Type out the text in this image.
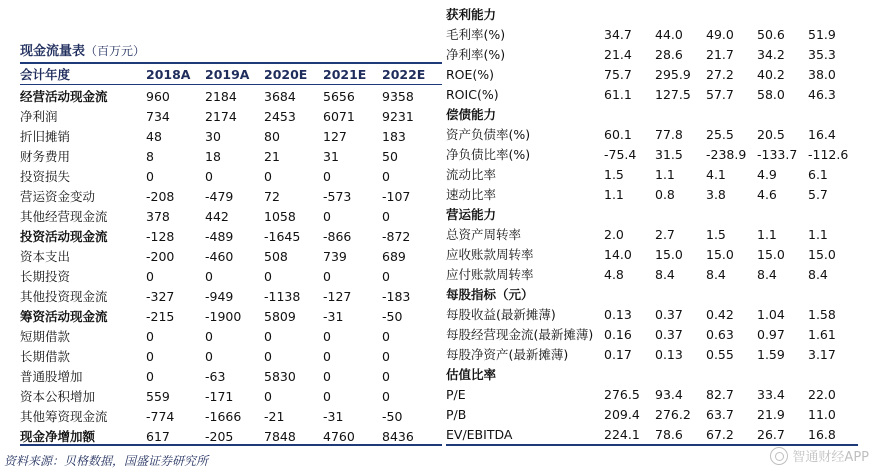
现金流量表（百万元）
会计年度	2018A	2019A	2020E	2021E	2022E
经营活动现金流	960	2184	3684	5656	9358
净利润	734	2174	2453	6071	9231
折旧摊销	48	30	80	127	183
财务费用	8	18	21	31	50
投资损失	0	0	0	0	0
营运资金变动	-208	-479	72	-573	-107
其他经营现金流	378	442	1058	0	0
投资活动现金流	-128	-489	-1645	-866	-872
资本支出	-200	-460	508	739	689
长期投资	0	0	0	0	0
其他投资现金流	-327	-949	-1138	-127	-183
筹资活动现金流	-215	-1900	5809	-31	-50
短期借款	0	0	0	0	0
长期借款	0	0	0	0	0
普通股增加	0	-63	5830	0	0
资本公积增加	559	-171	0	0	0
其他筹资现金流	-774	-1666	-21	-31	-50
现金净增加额	617	-205	7848	4760	8436
获利能力
毛利率(%)	34.7	44.0	49.0	50.6	51.9
净利率(%)	21.4	28.6	21.7	34.2	35.3
ROE(%)	75.7	295.9	27.2	40.2	38.0
ROIC(%)	61.1	127.5	57.7	58.0	46.3
偿债能力
资产负债率(%)	60.1	77.8	25.5	20.5	16.4
净负债比率(%)	-75.4	31.5	-238.9 -133.7 -112.6
流动比率	1.5	1.1	4.1	4.9	6.1
速动比率	1.1	0.8	3.8	4.6	5.7
营运能力
总资产周转率	2.0	2.7	1.5	1.1	1.1
应收账款周转率	14.0	15.0	15.0	15.0	15.0
应付账款周转率	4.8	8.4	8.4	8.4	8.4
每股指标（元）
每股收益(最新摊薄)	0.13	0.37	0.42	1.04	1.58
每股经营现金流(最新摊薄) 0.16	0.37	0.63	0.97	1.61
每股净资产(最新摊薄)	0.17	0.13	0.55	1.59	3.17
估值比率
P/E	276.5	93.4	82.7	33.4	22.0
P/B	209.4	276.2	63.7	21.9	11.0
EV/EBITDA	224.1	78.6	67.2	26.7	16.8
资料来源：贝格数据，国盛证券研究所	智通财经APP
